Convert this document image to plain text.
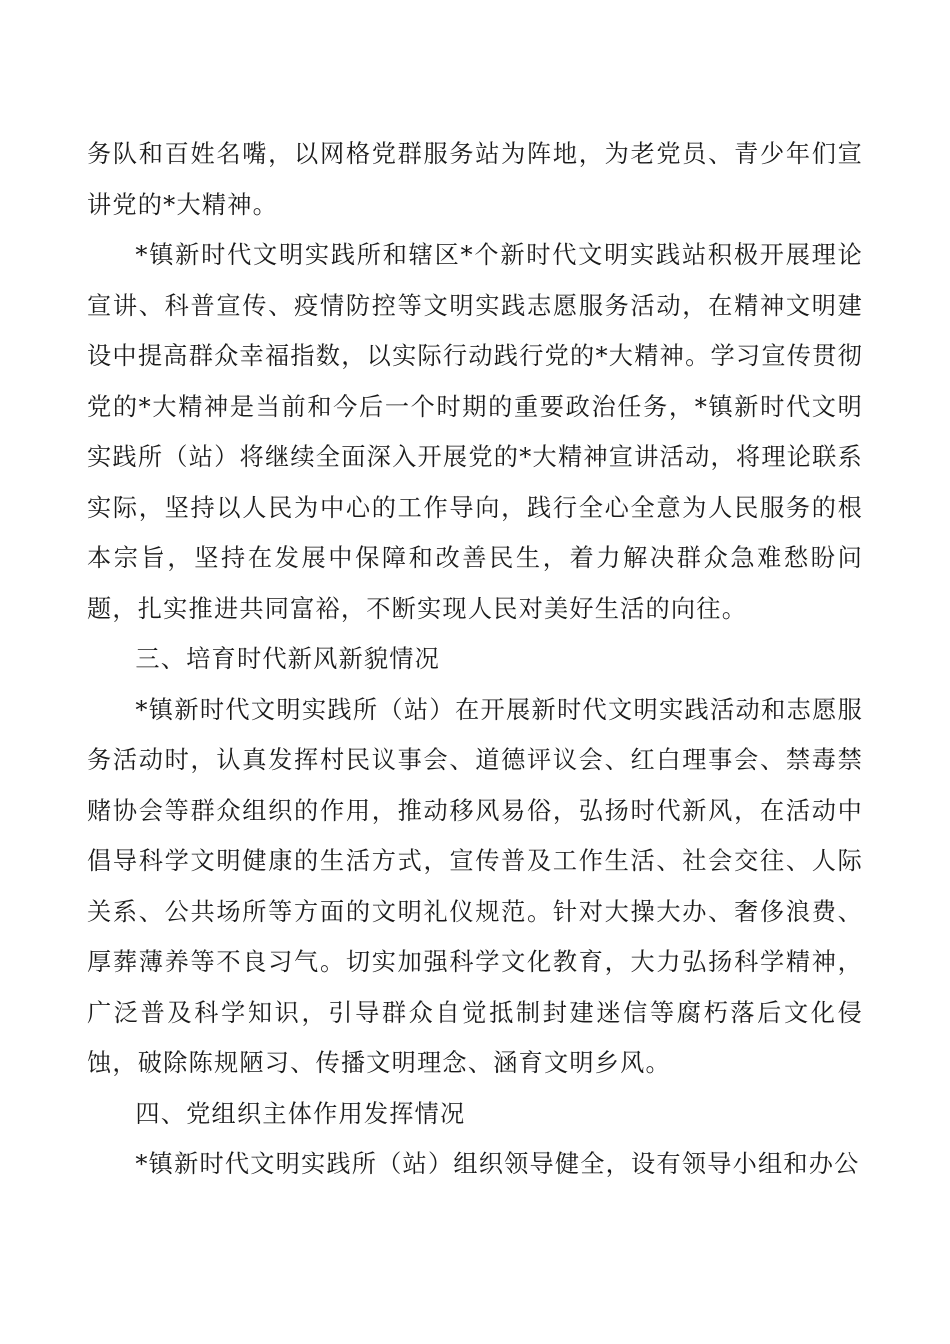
务队和百姓名嘴，以网格党群服务站为阵地，为老党员、青少年们宣讲党的*大精神。

*镇新时代文明实践所和辖区*个新时代文明实践站积极开展理论宣讲、科普宣传、疫情防控等文明实践志愿服务活动，在精神文明建设中提高群众幸福指数，以实际行动践行党的*大精神。学习宣传贯彻党的*大精神是当前和今后一个时期的重要政治任务，*镇新时代文明实践所（站）将继续全面深入开展党的*大精神宣讲活动，将理论联系实际，坚持以人民为中心的工作导向，践行全心全意为人民服务的根本宗旨，坚持在发展中保障和改善民生，着力解决群众急难愁盼问题，扎实推进共同富裕，不断实现人民对美好生活的向往。

三、培育时代新风新貌情况

*镇新时代文明实践所（站）在开展新时代文明实践活动和志愿服务活动时，认真发挥村民议事会、道德评议会、红白理事会、禁毒禁赌协会等群众组织的作用，推动移风易俗，弘扬时代新风，在活动中倡导科学文明健康的生活方式，宣传普及工作生活、社会交往、人际关系、公共场所等方面的文明礼仪规范。针对大操大办、奢侈浪费、厚葬薄养等不良习气。切实加强科学文化教育，大力弘扬科学精神，广泛普及科学知识，引导群众自觉抵制封建迷信等腐朽落后文化侵蚀，破除陈规陋习、传播文明理念、涵育文明乡风。

四、党组织主体作用发挥情况

*镇新时代文明实践所（站）组织领导健全，设有领导小组和办公
